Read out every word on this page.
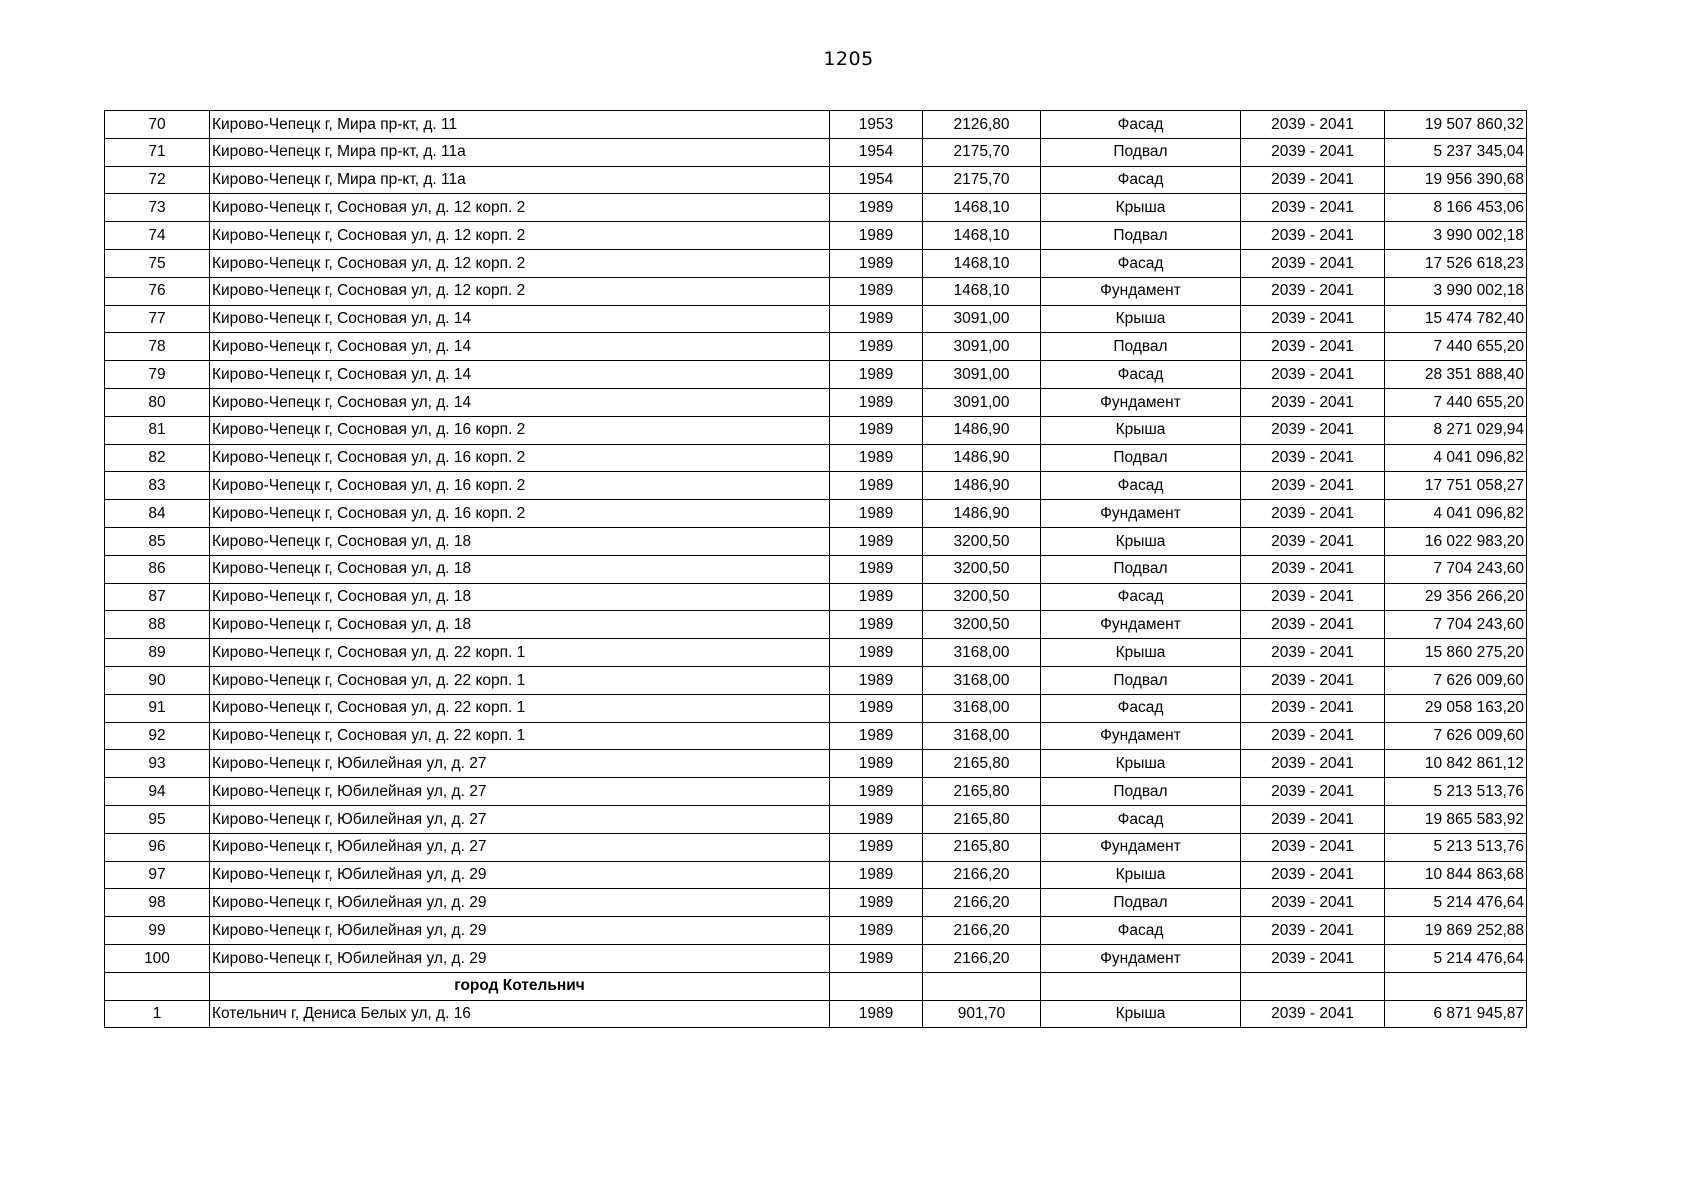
1205
70	Кирово-Чепецк г, Мира пр-кт, д. 11	1953	2126,80	Фасад	2039 - 2041	19 507 860,32
71	Кирово-Чепецк г, Мира пр-кт, д. 11а	1954	2175,70	Подвал	2039 - 2041	5 237 345,04
72	Кирово-Чепецк г, Мира пр-кт, д. 11а	1954	2175,70	Фасад	2039 - 2041	19 956 390,68
73	Кирово-Чепецк г, Сосновая ул, д. 12 корп. 2	1989	1468,10	Крыша	2039 - 2041	8 166 453,06
74	Кирово-Чепецк г, Сосновая ул, д. 12 корп. 2	1989	1468,10	Подвал	2039 - 2041	3 990 002,18
75	Кирово-Чепецк г, Сосновая ул, д. 12 корп. 2	1989	1468,10	Фасад	2039 - 2041	17 526 618,23
76	Кирово-Чепецк г, Сосновая ул, д. 12 корп. 2	1989	1468,10	Фундамент	2039 - 2041	3 990 002,18
77	Кирово-Чепецк г, Сосновая ул, д. 14	1989	3091,00	Крыша	2039 - 2041	15 474 782,40
78	Кирово-Чепецк г, Сосновая ул, д. 14	1989	3091,00	Подвал	2039 - 2041	7 440 655,20
79	Кирово-Чепецк г, Сосновая ул, д. 14	1989	3091,00	Фасад	2039 - 2041	28 351 888,40
80	Кирово-Чепецк г, Сосновая ул, д. 14	1989	3091,00	Фундамент	2039 - 2041	7 440 655,20
81	Кирово-Чепецк г, Сосновая ул, д. 16 корп. 2	1989	1486,90	Крыша	2039 - 2041	8 271 029,94
82	Кирово-Чепецк г, Сосновая ул, д. 16 корп. 2	1989	1486,90	Подвал	2039 - 2041	4 041 096,82
83	Кирово-Чепецк г, Сосновая ул, д. 16 корп. 2	1989	1486,90	Фасад	2039 - 2041	17 751 058,27
84	Кирово-Чепецк г, Сосновая ул, д. 16 корп. 2	1989	1486,90	Фундамент	2039 - 2041	4 041 096,82
85	Кирово-Чепецк г, Сосновая ул, д. 18	1989	3200,50	Крыша	2039 - 2041	16 022 983,20
86	Кирово-Чепецк г, Сосновая ул, д. 18	1989	3200,50	Подвал	2039 - 2041	7 704 243,60
87	Кирово-Чепецк г, Сосновая ул, д. 18	1989	3200,50	Фасад	2039 - 2041	29 356 266,20
88	Кирово-Чепецк г, Сосновая ул, д. 18	1989	3200,50	Фундамент	2039 - 2041	7 704 243,60
89	Кирово-Чепецк г, Сосновая ул, д. 22 корп. 1	1989	3168,00	Крыша	2039 - 2041	15 860 275,20
90	Кирово-Чепецк г, Сосновая ул, д. 22 корп. 1	1989	3168,00	Подвал	2039 - 2041	7 626 009,60
91	Кирово-Чепецк г, Сосновая ул, д. 22 корп. 1	1989	3168,00	Фасад	2039 - 2041	29 058 163,20
92	Кирово-Чепецк г, Сосновая ул, д. 22 корп. 1	1989	3168,00	Фундамент	2039 - 2041	7 626 009,60
93	Кирово-Чепецк г, Юбилейная ул, д. 27	1989	2165,80	Крыша	2039 - 2041	10 842 861,12
94	Кирово-Чепецк г, Юбилейная ул, д. 27	1989	2165,80	Подвал	2039 - 2041	5 213 513,76
95	Кирово-Чепецк г, Юбилейная ул, д. 27	1989	2165,80	Фасад	2039 - 2041	19 865 583,92
96	Кирово-Чепецк г, Юбилейная ул, д. 27	1989	2165,80	Фундамент	2039 - 2041	5 213 513,76
97	Кирово-Чепецк г, Юбилейная ул, д. 29	1989	2166,20	Крыша	2039 - 2041	10 844 863,68
98	Кирово-Чепецк г, Юбилейная ул, д. 29	1989	2166,20	Подвал	2039 - 2041	5 214 476,64
99	Кирово-Чепецк г, Юбилейная ул, д. 29	1989	2166,20	Фасад	2039 - 2041	19 869 252,88
100	Кирово-Чепецк г, Юбилейная ул, д. 29	1989	2166,20	Фундамент	2039 - 2041	5 214 476,64
	город Котельнич					
1	Котельнич г, Дениса Белых ул, д. 16	1989	901,70	Крыша	2039 - 2041	6 871 945,87
